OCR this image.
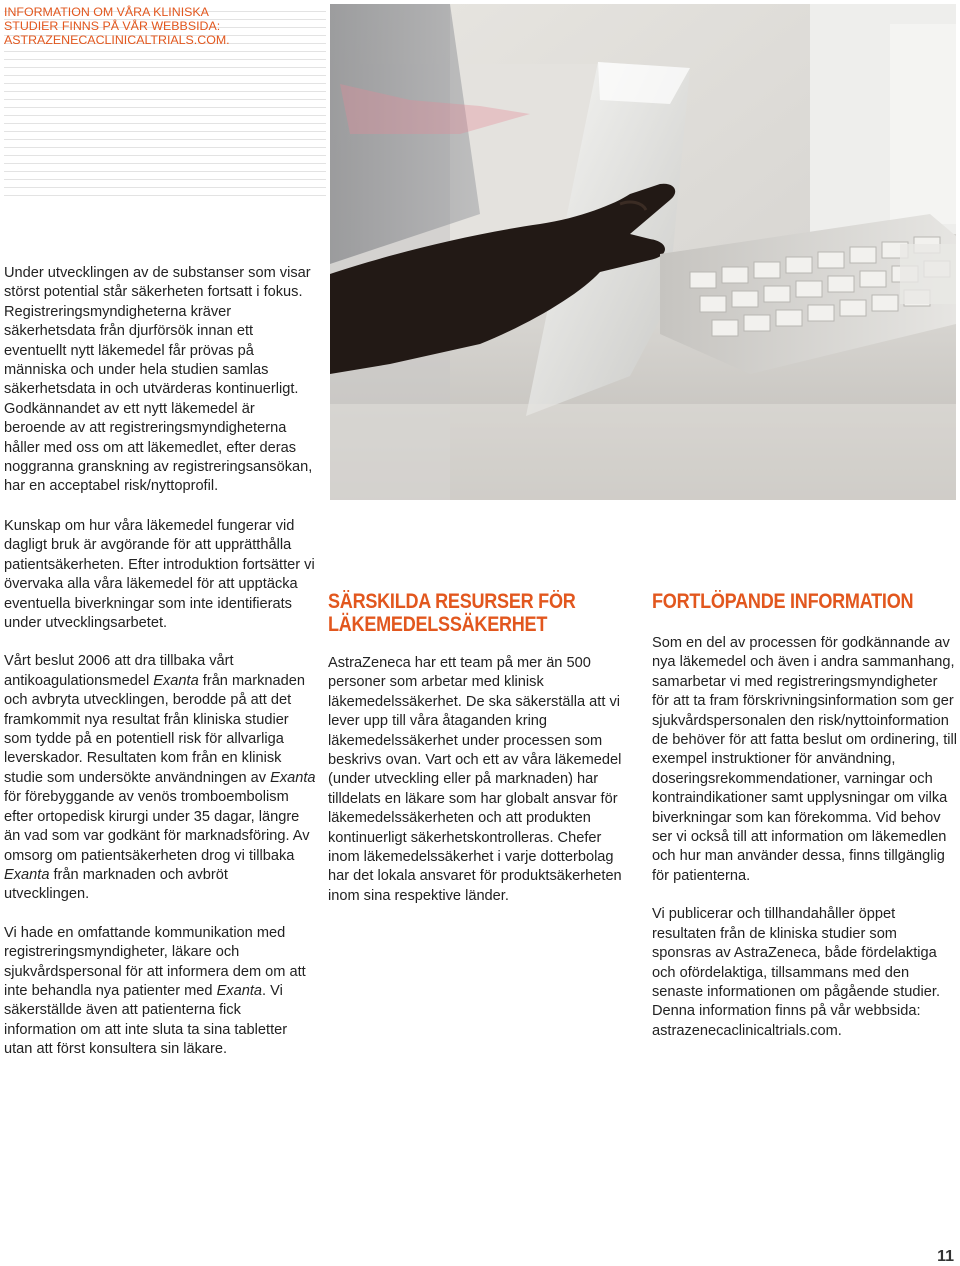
INFORMATION OM VÅRA KLINISKA
STUDIER FINNS PÅ VÅR WEBBSIDA:
ASTRAZENECACLINICALTRIALS.COM.

Under utvecklingen av de substanser som visar störst potential står säkerheten fortsatt i fokus. Registreringsmyndigheterna kräver säkerhetsdata från djurförsök innan ett eventuellt nytt läkemedel får prövas på människa och under hela studien samlas säkerhetsdata in och utvärderas kontinuerligt. Godkännandet av ett nytt läkemedel är beroende av att registreringsmyndigheterna håller med oss om att läkemedlet, efter deras noggranna granskning av registreringsansökan, har en acceptabel risk/nyttoprofil.

Kunskap om hur våra läkemedel fungerar vid dagligt bruk är avgörande för att upprätthålla patientsäkerheten. Efter introduktion fortsätter vi övervaka alla våra läkemedel för att upptäcka eventuella biverkningar som inte identifierats under utvecklingsarbetet.

Vårt beslut 2006 att dra tillbaka vårt antikoagulationsmedel Exanta från marknaden och avbryta utvecklingen, berodde på att det framkommit nya resultat från kliniska studier som tydde på en potentiell risk för allvarliga leverskador. Resultaten kom från en klinisk studie som undersökte användningen av Exanta för förebyggande av venös tromboembolism efter ortopedisk kirurgi under 35 dagar, längre än vad som var godkänt för marknadsföring. Av omsorg om patientsäkerheten drog vi tillbaka Exanta från marknaden och avbröt utvecklingen.

Vi hade en omfattande kommunikation med registreringsmyndigheter, läkare och sjukvårdspersonal för att informera dem om att inte behandla nya patienter med Exanta. Vi säkerställde även att patienterna fick information om att inte sluta ta sina tabletter utan att först konsultera sin läkare.

SÄRSKILDA RESURSER FÖR
LÄKEMEDELSSÄKERHET

AstraZeneca har ett team på mer än 500 personer som arbetar med klinisk läkemedelssäkerhet. De ska säkerställa att vi lever upp till våra åtaganden kring läkemedelssäkerhet under processen som beskrivs ovan. Vart och ett av våra läkemedel (under utveckling eller på marknaden) har tilldelats en läkare som har globalt ansvar för läkemedelssäkerheten och att produkten kontinuerligt säkerhetskontrolleras. Chefer inom läkemedelssäkerhet i varje dotterbolag har det lokala ansvaret för produktsäkerheten inom sina respektive länder.

FORTLÖPANDE INFORMATION

Som en del av processen för godkännande av nya läkemedel och även i andra sammanhang, samarbetar vi med registreringsmyndigheter för att ta fram förskrivningsinformation som ger sjukvårdspersonalen den risk/nyttoinformation de behöver för att fatta beslut om ordinering, till exempel instruktioner för användning, doseringsrekommendationer, varningar och kontraindikationer samt upplysningar om vilka biverkningar som kan förekomma. Vid behov ser vi också till att information om läkemedlen och hur man använder dessa, finns tillgänglig för patienterna.

Vi publicerar och tillhandahåller öppet resultaten från de kliniska studier som sponsras av AstraZeneca, både fördelaktiga och ofördelaktiga, tillsammans med den senaste informationen om pågående studier. Denna information finns på vår webbsida: astrazenecaclinicaltrials.com.

11
